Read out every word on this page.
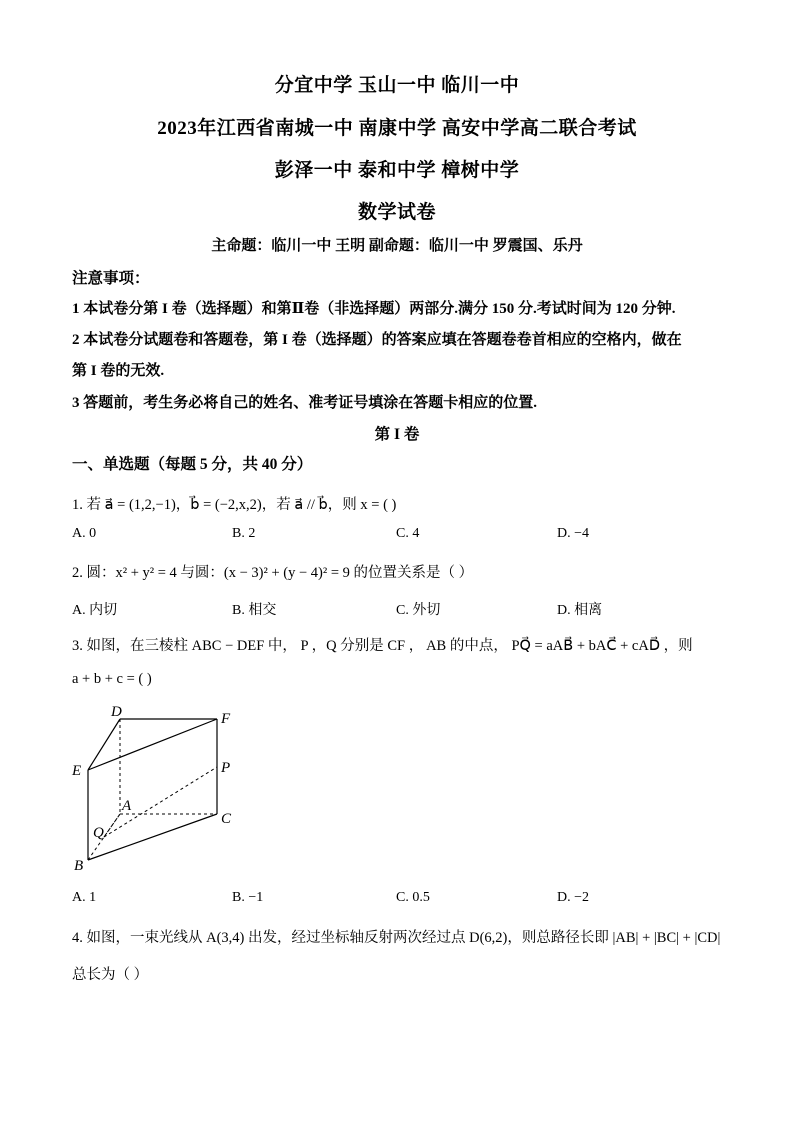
分宜中学 玉山一中 临川一中
2023年江西省南城一中 南康中学 高安中学高二联合考试
彭泽一中 泰和中学 樟树中学
数学试卷
主命题：临川一中 王明 副命题：临川一中 罗震国、乐丹
注意事项：
1 本试卷分第 I 卷（选择题）和第Ⅱ卷（非选择题）两部分.满分 150 分.考试时间为 120 分钟.
2 本试卷分试题卷和答题卷，第 I 卷（选择题）的答案应填在答题卷卷首相应的空格内，做在
第 I 卷的无效.
3 答题前，考生务必将自己的姓名、准考证号填涂在答题卡相应的位置.
第 I 卷
一、单选题（每题 5 分，共 40 分）
1. 若 a⃗ = (1,2,−1)，b⃗ = (−2,x,2)，若 a⃗ // b⃗，则 x = ( )
A. 0	B. 2	C. 4	D. −4
2. 圆：x² + y² = 4 与圆：(x − 3)² + (y − 4)² = 9 的位置关系是（ ）
A. 内切	B. 相交	C. 外切	D. 相离
3. 如图，在三棱柱 ABC − DEF 中， P ，Q 分别是 CF ， AB 的中点， PQ⃗ = aAB⃗ + bAC⃗ + cAD⃗ ，则
a + b + c = ( )
D	F
E	P
A
Q
C
B
A. 1	B. −1	C. 0.5	D. −2
4. 如图，一束光线从 A(3,4) 出发，经过坐标轴反射两次经过点 D(6,2)，则总路径长即 |AB| + |BC| + |CD|
总长为（ ）
